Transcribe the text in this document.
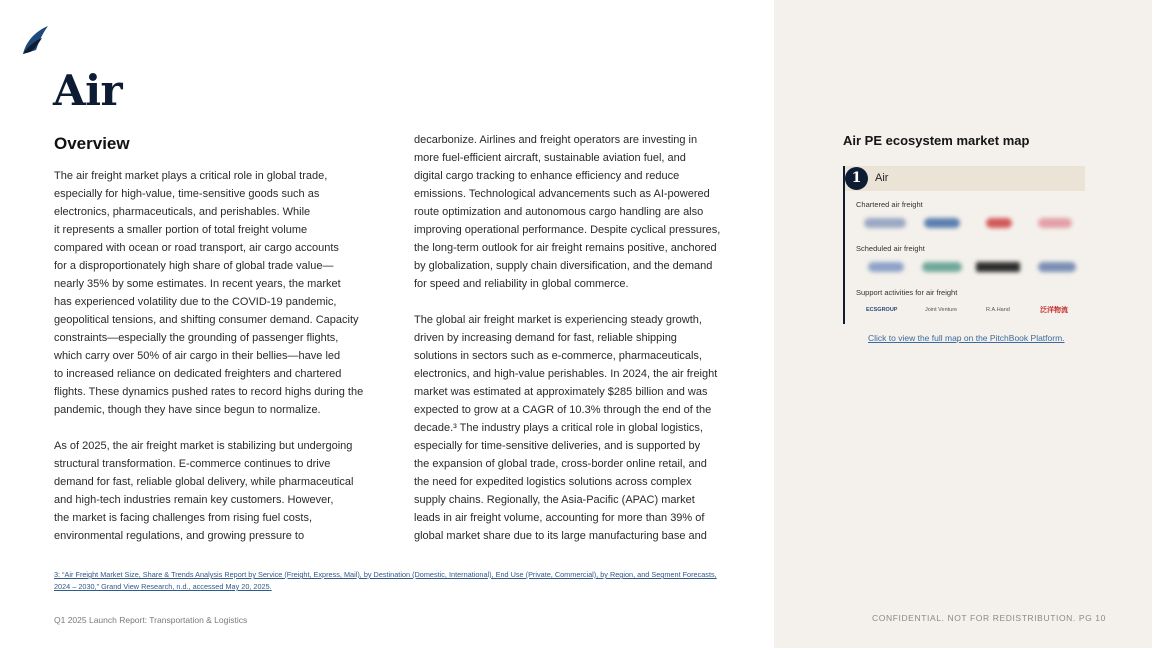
Air
Overview
The air freight market plays a critical role in global trade,
especially for high-value, time-sensitive goods such as
electronics, pharmaceuticals, and perishables. While
it represents a smaller portion of total freight volume
compared with ocean or road transport, air cargo accounts
for a disproportionately high share of global trade value—
nearly 35% by some estimates. In recent years, the market
has experienced volatility due to the COVID-19 pandemic,
geopolitical tensions, and shifting consumer demand. Capacity
constraints—especially the grounding of passenger flights,
which carry over 50% of air cargo in their bellies—have led
to increased reliance on dedicated freighters and chartered
flights. These dynamics pushed rates to record highs during the
pandemic, though they have since begun to normalize.
As of 2025, the air freight market is stabilizing but undergoing
structural transformation. E-commerce continues to drive
demand for fast, reliable global delivery, while pharmaceutical
and high-tech industries remain key customers. However,
the market is facing challenges from rising fuel costs,
environmental regulations, and growing pressure to
decarbonize. Airlines and freight operators are investing in
more fuel-efficient aircraft, sustainable aviation fuel, and
digital cargo tracking to enhance efficiency and reduce
emissions. Technological advancements such as AI-powered
route optimization and autonomous cargo handling are also
improving operational performance. Despite cyclical pressures,
the long-term outlook for air freight remains positive, anchored
by globalization, supply chain diversification, and the demand
for speed and reliability in global commerce.
The global air freight market is experiencing steady growth,
driven by increasing demand for fast, reliable shipping
solutions in sectors such as e-commerce, pharmaceuticals,
electronics, and high-value perishables. In 2024, the air freight
market was estimated at approximately $285 billion and was
expected to grow at a CAGR of 10.3% through the end of the
decade.³ The industry plays a critical role in global logistics,
especially for time-sensitive deliveries, and is supported by
the expansion of global trade, cross-border online retail, and
the need for expedited logistics solutions across complex
supply chains. Regionally, the Asia-Pacific (APAC) market
leads in air freight volume, accounting for more than 39% of
global market share due to its large manufacturing base and
3: “Air Freight Market Size, Share & Trends Analysis Report by Service (Freight, Express, Mail), by Destination (Domestic, International), End Use (Private, Commercial), by Region, and Segment Forecasts,
2024 – 2030,” Grand View Research, n.d., accessed May 20, 2025.
Q1 2025 Launch Report: Transportation & Logistics	CONFIDENTIAL. NOT FOR REDISTRIBUTION. PG 10
Air PE ecosystem market map
1	Air
Chartered air freight
Scheduled air freight
Support activities for air freight
ECSGROUP	Joint Venture	R.A.Hand	泛洋物流
Click to view the full map on the PitchBook Platform.
